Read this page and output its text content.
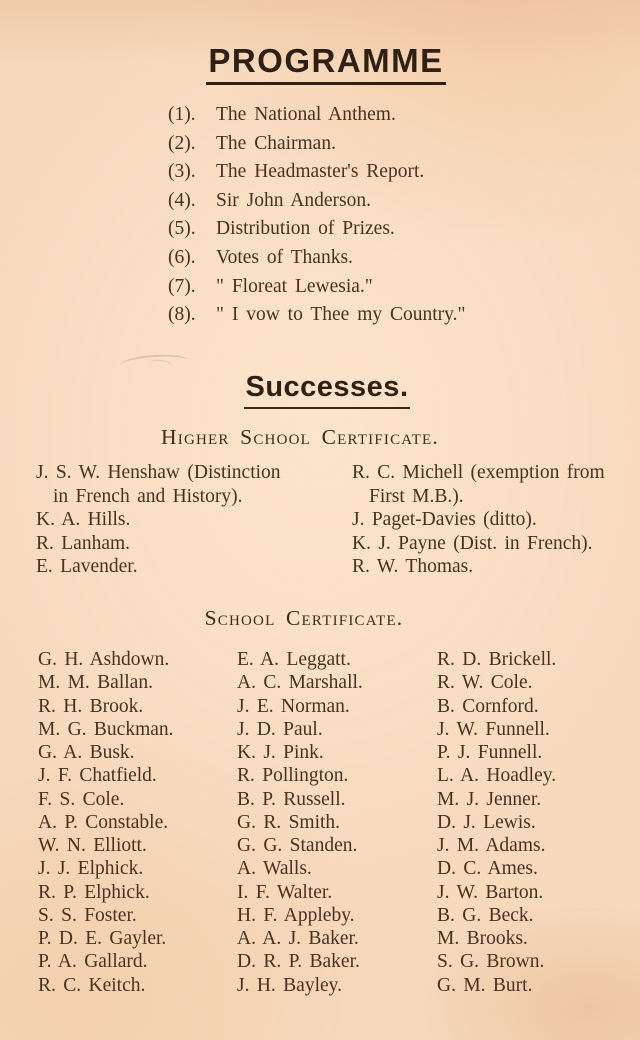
PROGRAMME
(1).	The National Anthem.
(2).	The Chairman.
(3).	The Headmaster's Report.
(4).	Sir John Anderson.
(5).	Distribution of Prizes.
(6).	Votes of Thanks.
(7).	" Floreat Lewesia."
(8).	" I vow to Thee my Country."
Successes.
Higher School Certificate.
J. S. W. Henshaw (Distinction
in French and History).
K. A. Hills.
R. Lanham.
E. Lavender.
R. C. Michell (exemption from
First M.B.).
J. Paget-Davies (ditto).
K. J. Payne (Dist. in French).
R. W. Thomas.
School Certificate.
G. H. Ashdown.
M. M. Ballan.
R. H. Brook.
M. G. Buckman.
G. A. Busk.
J. F. Chatfield.
F. S. Cole.
A. P. Constable.
W. N. Elliott.
J. J. Elphick.
R. P. Elphick.
S. S. Foster.
P. D. E. Gayler.
P. A. Gallard.
R. C. Keitch.
E. A. Leggatt.
A. C. Marshall.
J. E. Norman.
J. D. Paul.
K. J. Pink.
R. Pollington.
B. P. Russell.
G. R. Smith.
G. G. Standen.
A. Walls.
I. F. Walter.
H. F. Appleby.
A. A. J. Baker.
D. R. P. Baker.
J. H. Bayley.
R. D. Brickell.
R. W. Cole.
B. Cornford.
J. W. Funnell.
P. J. Funnell.
L. A. Hoadley.
M. J. Jenner.
D. J. Lewis.
J. M. Adams.
D. C. Ames.
J. W. Barton.
B. G. Beck.
M. Brooks.
S. G. Brown.
G. M. Burt.
